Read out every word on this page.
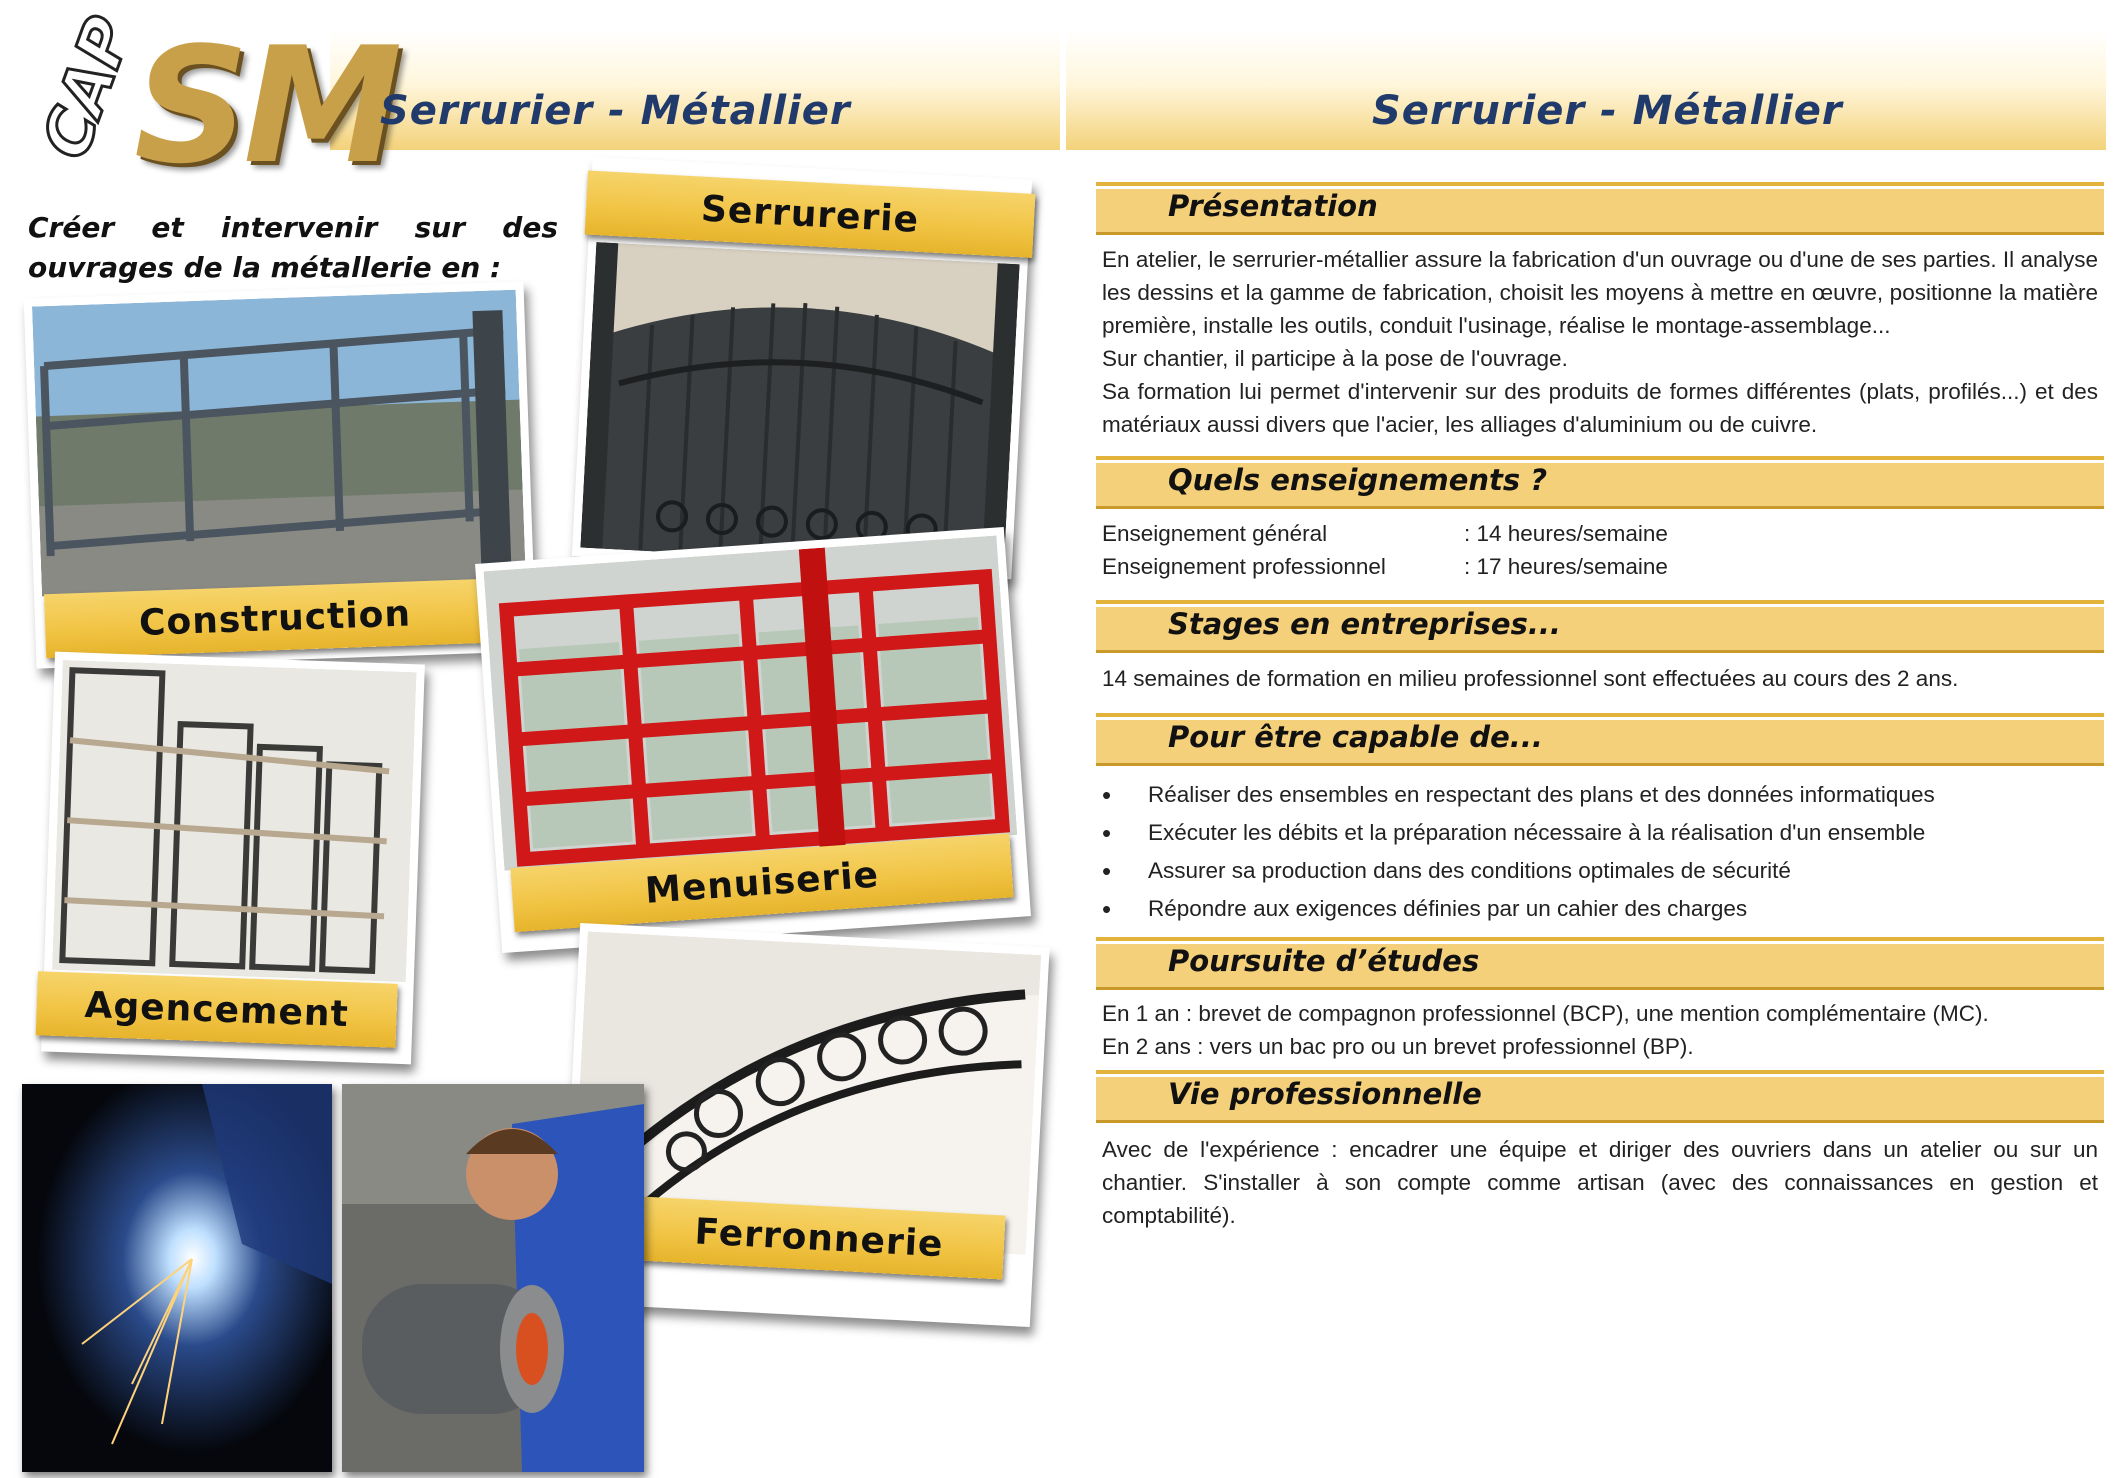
CAP
SM
Serrurier - Métallier	Serrurier - Métallier
Créer et intervenir sur des ouvrages de la métallerie en :
Serrurerie
Construction
Menuiserie
Agencement
Ferronnerie
Présentation

En atelier, le serrurier-métallier assure la fabrication d'un ouvrage ou d'une de ses parties. Il analyse les dessins et la gamme de fabrication, choisit les moyens à mettre en œuvre, positionne la matière première, installe les outils, conduit l'usinage, réalise le montage-assemblage...

Sur chantier, il participe à la pose de l'ouvrage.

Sa formation lui permet d'intervenir sur des produits de formes différentes (plats, profilés...) et des matériaux aussi divers que l'acier, les alliages d'aluminium ou de cuivre.

Quels enseignements ?
Enseignement général	: 14 heures/semaine
Enseignement professionnel	: 17 heures/semaine
Stages en entreprises...

14 semaines de formation en milieu professionnel sont effectuées au cours des 2 ans.

Pour être capable de...
• Réaliser des ensembles en respectant des plans et des données informatiques
• Exécuter les débits et la préparation nécessaire à la réalisation d'un ensemble
• Assurer sa production dans des conditions optimales de sécurité
• Répondre aux exigences définies par un cahier des charges
Poursuite d’études

En 1 an : brevet de compagnon professionnel (BCP), une mention complémentaire (MC).

En 2 ans : vers un bac pro ou un brevet professionnel (BP).

Vie professionnelle

Avec de l'expérience : encadrer une équipe et diriger des ouvriers dans un atelier ou sur un chantier. S'installer à son compte comme artisan (avec des connaissances en gestion et comptabilité).
